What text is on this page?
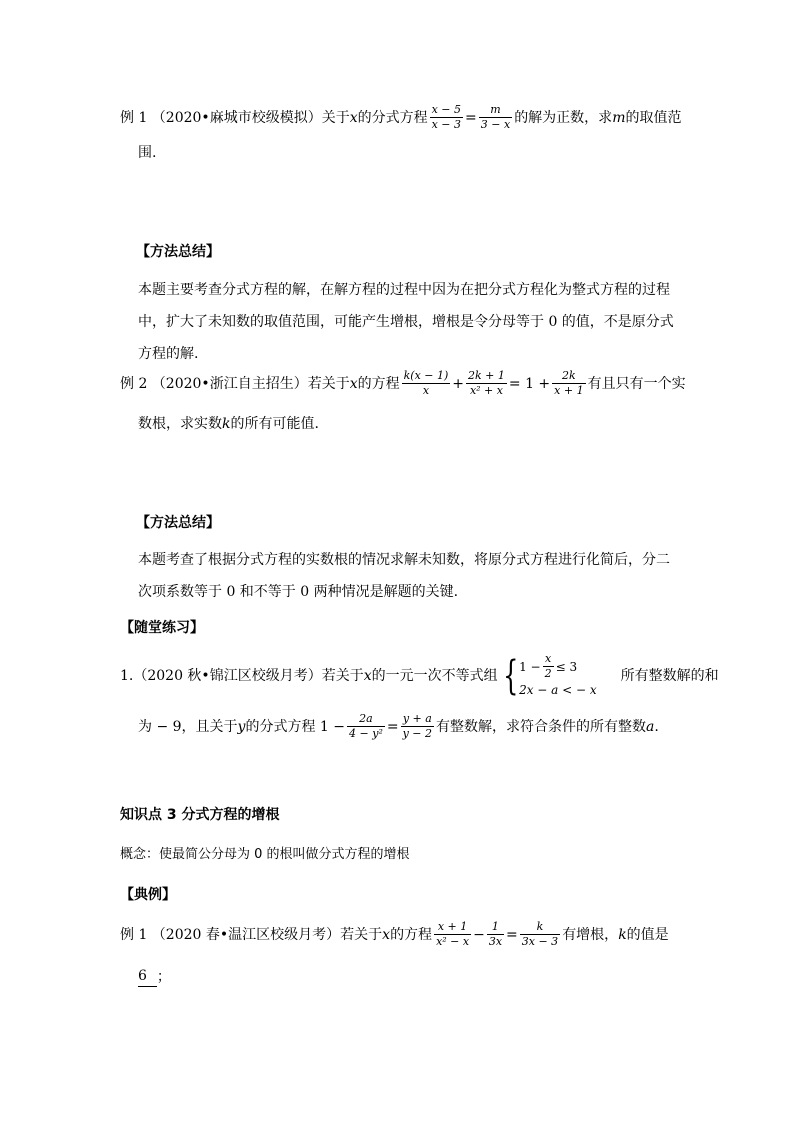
例 1 （2020•麻城市校级模拟）关于 x 的分式方程 $\frac{x - 5}{x - 3} = \frac{m}{3 - x}$ 的解为正数，求 m 的取值范
围.
【方法总结】
本题主要考查分式方程的解，在解方程的过程中因为在把分式方程化为整式方程的过程
中，扩大了未知数的取值范围，可能产生增根，增根是令分母等于 0 的值，不是原分式
方程的解.
例 2 （2020•浙江自主招生）若关于 x 的方程 $\frac{k(x - 1)}{x} + \frac{2k + 1}{\text{x² + x}} = 1 + \frac{2k}{x + 1}$ 有且只有一个实
数根，求实数 k 的所有可能值.
【方法总结】
本题考查了根据分式方程的实数根的情况求解未知数，将原分式方程进行化简后，分二
次项系数等于 0 和不等于 0 两种情况是解题的关键.
【随堂练习】
1.（2020 秋•锦江区校级月考）若关于 x 的一元一次不等式组 { $1 - \frac{x}{2} \le 3$
2x − a < − x
所有整数解的和
为 − 9，且关于 y 的分式方程 $1 - \frac{2a}{\text{4 − y²}} = \frac{y + a}{y - 2}$ 有整数解，求符合条件的所有整数 a .
知识点 3 分式方程的增根
概念：使最简公分母为 0 的根叫做分式方程的增根
【典例】
例 1 （2020 春•温江区校级月考）若关于 x 的方程 $\frac{x + 1}{\text{x² − x}} - \frac{1}{3x} = \frac{k}{3x - 3}$ 有增根， k 的值是
6 ；
